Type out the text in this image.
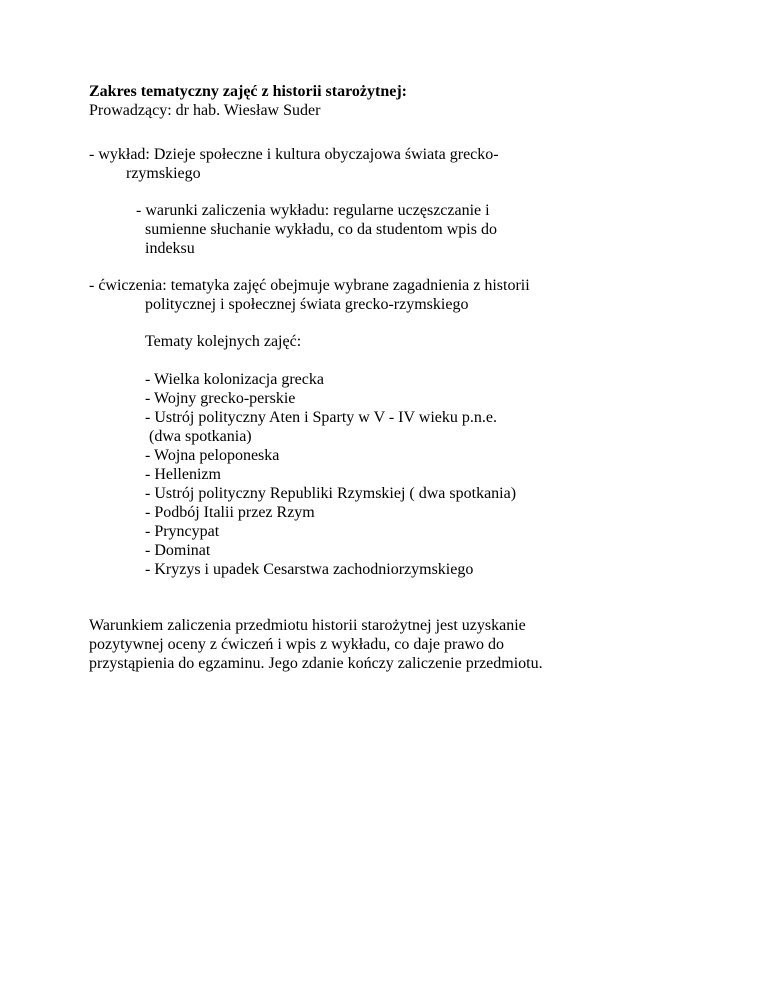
Zakres tematyczny zajęć z historii starożytnej:
Prowadzący: dr hab. Wiesław Suder
- wykład: Dzieje społeczne i kultura obyczajowa świata grecko-
rzymskiego
- warunki zaliczenia wykładu: regularne uczęszczanie i
sumienne słuchanie wykładu, co da studentom wpis do
indeksu
- ćwiczenia: tematyka zajęć obejmuje wybrane zagadnienia z historii
politycznej i społecznej świata grecko-rzymskiego
Tematy kolejnych zajęć:
- Wielka kolonizacja grecka
- Wojny grecko-perskie
- Ustrój polityczny Aten i Sparty w V - IV wieku p.n.e.
(dwa spotkania)
- Wojna peloponeska
- Hellenizm
- Ustrój polityczny Republiki Rzymskiej ( dwa spotkania)
- Podbój Italii przez Rzym
- Pryncypat
- Dominat
- Kryzys i upadek Cesarstwa zachodniorzymskiego
Warunkiem zaliczenia przedmiotu historii starożytnej jest uzyskanie
pozytywnej oceny z ćwiczeń i wpis z wykładu, co daje prawo do
przystąpienia do egzaminu. Jego zdanie kończy zaliczenie przedmiotu.
